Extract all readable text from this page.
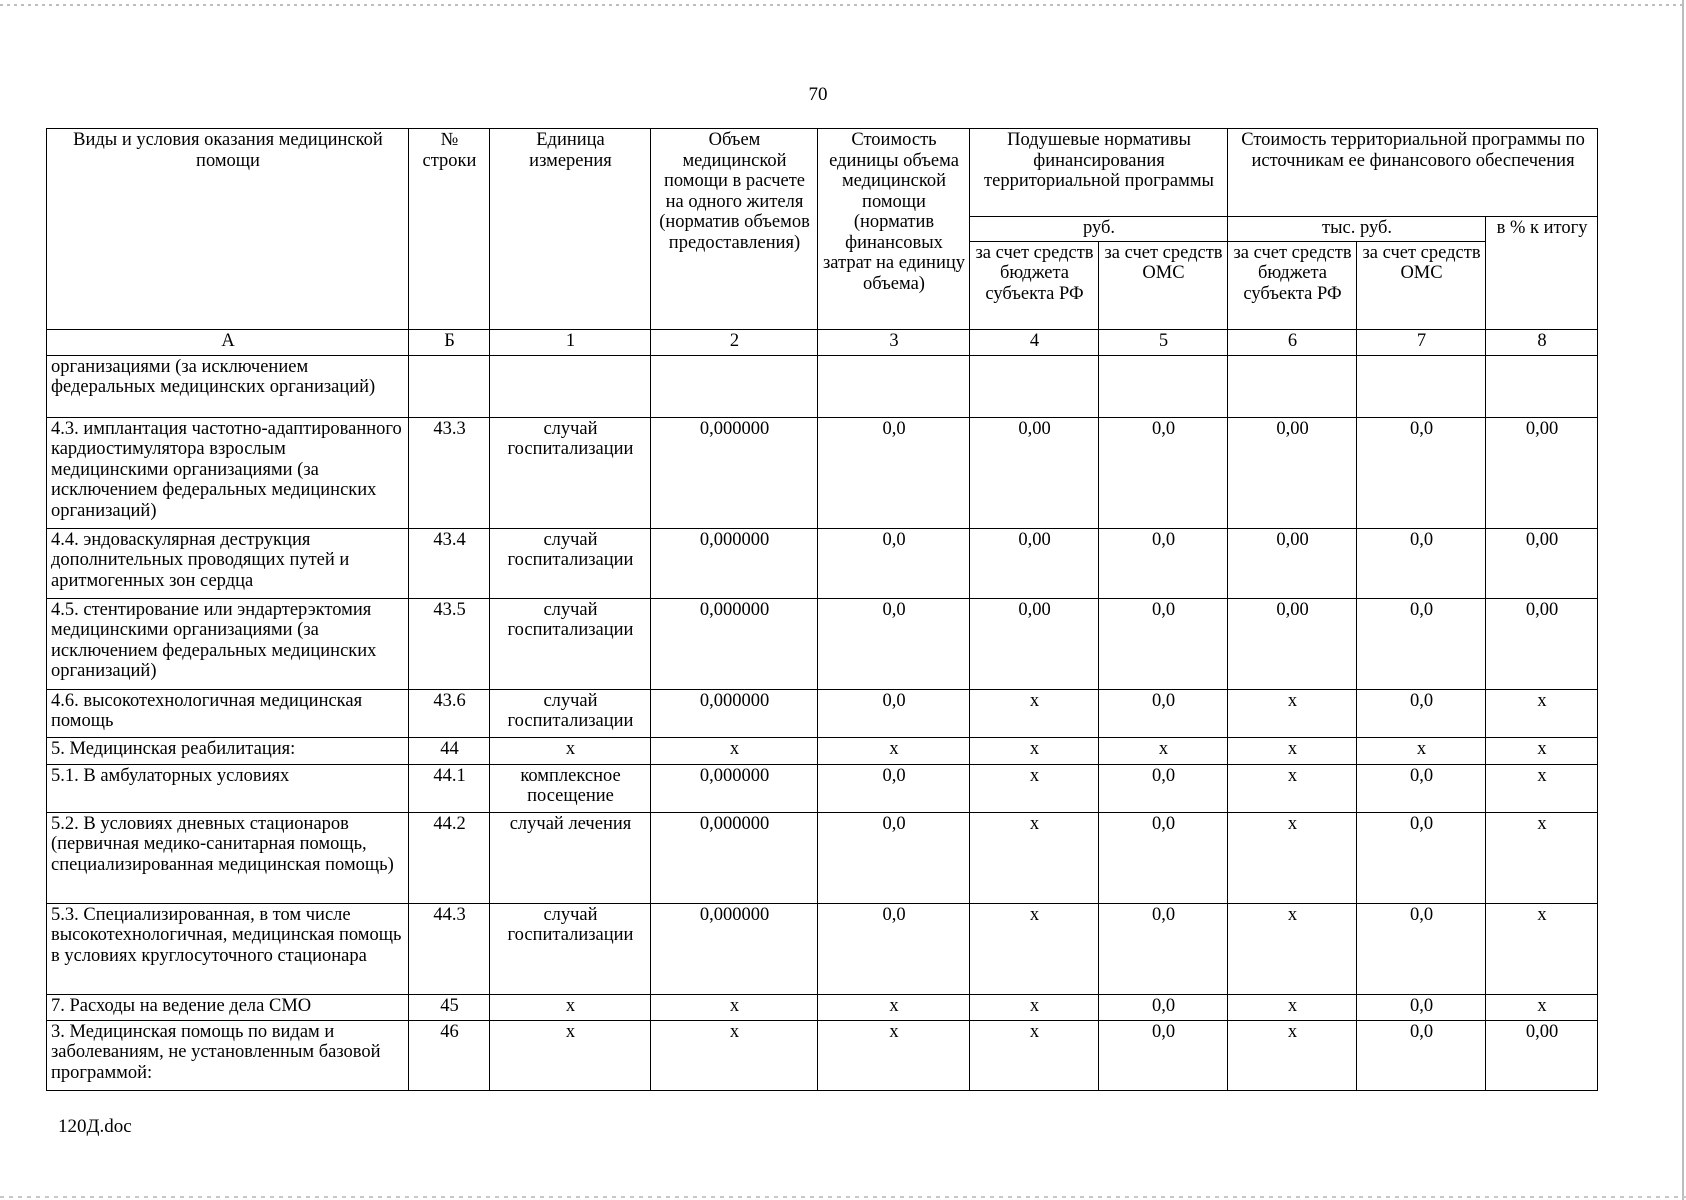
70
Виды и условия оказания медицинской помощи	№ строки	Единица измерения	Объем медицинской помощи в расчете на одного жителя (норматив объемов предоставления)	Стоимость единицы объема медицинской помощи (норматив финансовых затрат на единицу объема)	Подушевые нормативы финансирования территориальной программы		Стоимость территориальной программы по источникам ее финансового обеспечения		
					руб.		тыс. руб.		в % к итогу
					за счет средств бюджета субъекта РФ	за счет средств ОМС	за счет средств бюджета субъекта РФ	за счет средств ОМС	
А	Б	1	2	3	4	5	6	7	8
организациями (за исключением федеральных медицинских организаций)									
4.3. имплантация частотно-адаптированного кардиостимулятора взрослым медицинскими организациями (за исключением федеральных медицинских организаций)	43.3	случай госпитализации	0,000000	0,0	0,00	0,0	0,00	0,0	0,00
4.4. эндоваскулярная деструкция дополнительных проводящих путей и аритмогенных зон сердца	43.4	случай госпитализации	0,000000	0,0	0,00	0,0	0,00	0,0	0,00
4.5. стентирование или эндартерэктомия медицинскими организациями (за исключением федеральных медицинских организаций)	43.5	случай госпитализации	0,000000	0,0	0,00	0,0	0,00	0,0	0,00
4.6. высокотехнологичная медицинская помощь	43.6	случай госпитализации	0,000000	0,0	x	0,0	x	0,0	x
5. Медицинская реабилитация:	44	x	x	x	x	x	x	x	x
5.1. В амбулаторных условиях	44.1	комплексное посещение	0,000000	0,0	x	0,0	x	0,0	x
5.2. В условиях дневных стационаров (первичная медико-санитарная помощь, специализированная медицинская помощь)	44.2	случай лечения	0,000000	0,0	x	0,0	x	0,0	x
5.3. Специализированная, в том числе высокотехнологичная, медицинская помощь в условиях круглосуточного стационара	44.3	случай госпитализации	0,000000	0,0	x	0,0	x	0,0	x
7. Расходы на ведение дела СМО	45	x	x	x	x	0,0	x	0,0	x
3. Медицинская помощь по видам и заболеваниям, не установленным базовой программой:	46	x	x	x	x	0,0	x	0,0	0,00
120Д.doc
